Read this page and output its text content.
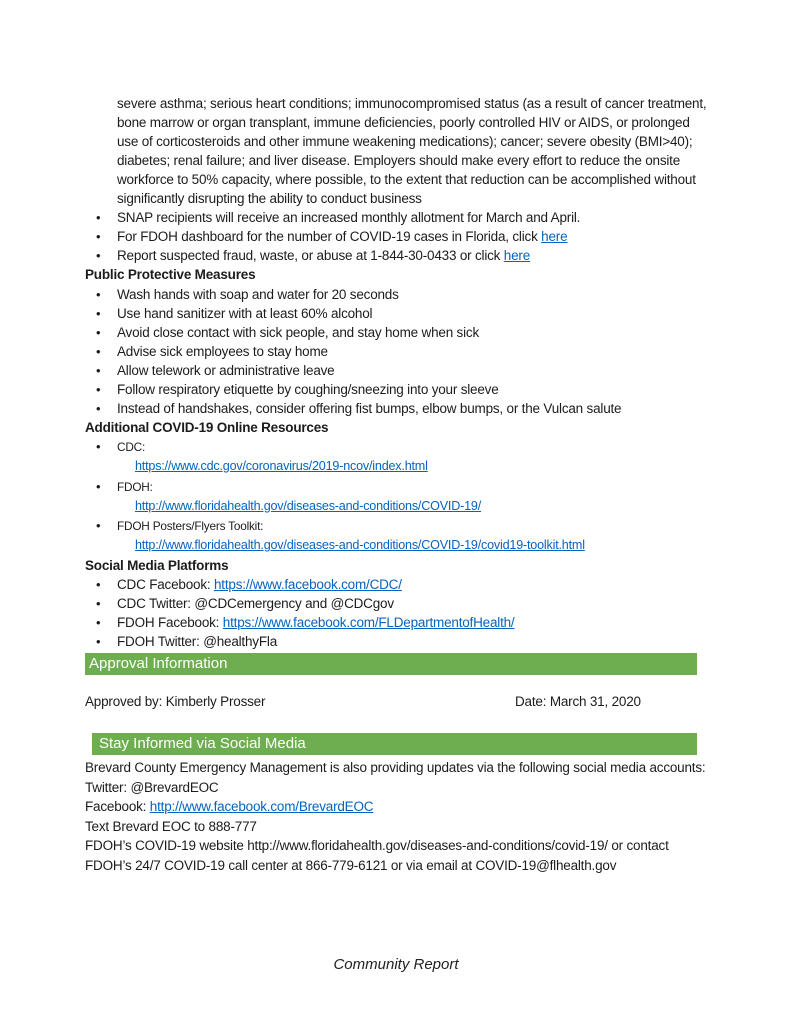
severe asthma; serious heart conditions; immunocompromised status (as a result of cancer treatment, bone marrow or organ transplant, immune deficiencies, poorly controlled HIV or AIDS, or prolonged use of corticosteroids and other immune weakening medications); cancer; severe obesity (BMI>40); diabetes; renal failure; and liver disease. Employers should make every effort to reduce the onsite workforce to 50% capacity, where possible, to the extent that reduction can be accomplished without significantly disrupting the ability to conduct business

• SNAP recipients will receive an increased monthly allotment for March and April.
• For FDOH dashboard for the number of COVID-19 cases in Florida, click here
• Report suspected fraud, waste, or abuse at 1-844-30-0433 or click here
Public Protective Measures
• Wash hands with soap and water for 20 seconds
• Use hand sanitizer with at least 60% alcohol
• Avoid close contact with sick people, and stay home when sick
• Advise sick employees to stay home
• Allow telework or administrative leave
• Follow respiratory etiquette by coughing/sneezing into your sleeve
• Instead of handshakes, consider offering fist bumps, elbow bumps, or the Vulcan salute
Additional COVID-19 Online Resources
• CDC:
https://www.cdc.gov/coronavirus/2019-ncov/index.html
• FDOH:
http://www.floridahealth.gov/diseases-and-conditions/COVID-19/
• FDOH Posters/Flyers Toolkit:
http://www.floridahealth.gov/diseases-and-conditions/COVID-19/covid19-toolkit.html
Social Media Platforms
• CDC Facebook: https://www.facebook.com/CDC/
• CDC Twitter: @CDCemergency and @CDCgov
• FDOH Facebook: https://www.facebook.com/FLDepartmentofHealth/
• FDOH Twitter: @healthyFla
Approval Information
Approved by: Kimberly Prosser	Date: March 31, 2020
Stay Informed via Social Media

Brevard County Emergency Management is also providing updates via the following social media accounts:

Twitter: @BrevardEOC
Facebook: http://www.facebook.com/BrevardEOC
Text Brevard EOC to 888-777

FDOH’s COVID-19 website http://www.floridahealth.gov/diseases-and-conditions/covid-19/ or contact FDOH’s 24/7 COVID-19 call center at 866-779-6121 or via email at COVID-19@flhealth.gov

Community Report
